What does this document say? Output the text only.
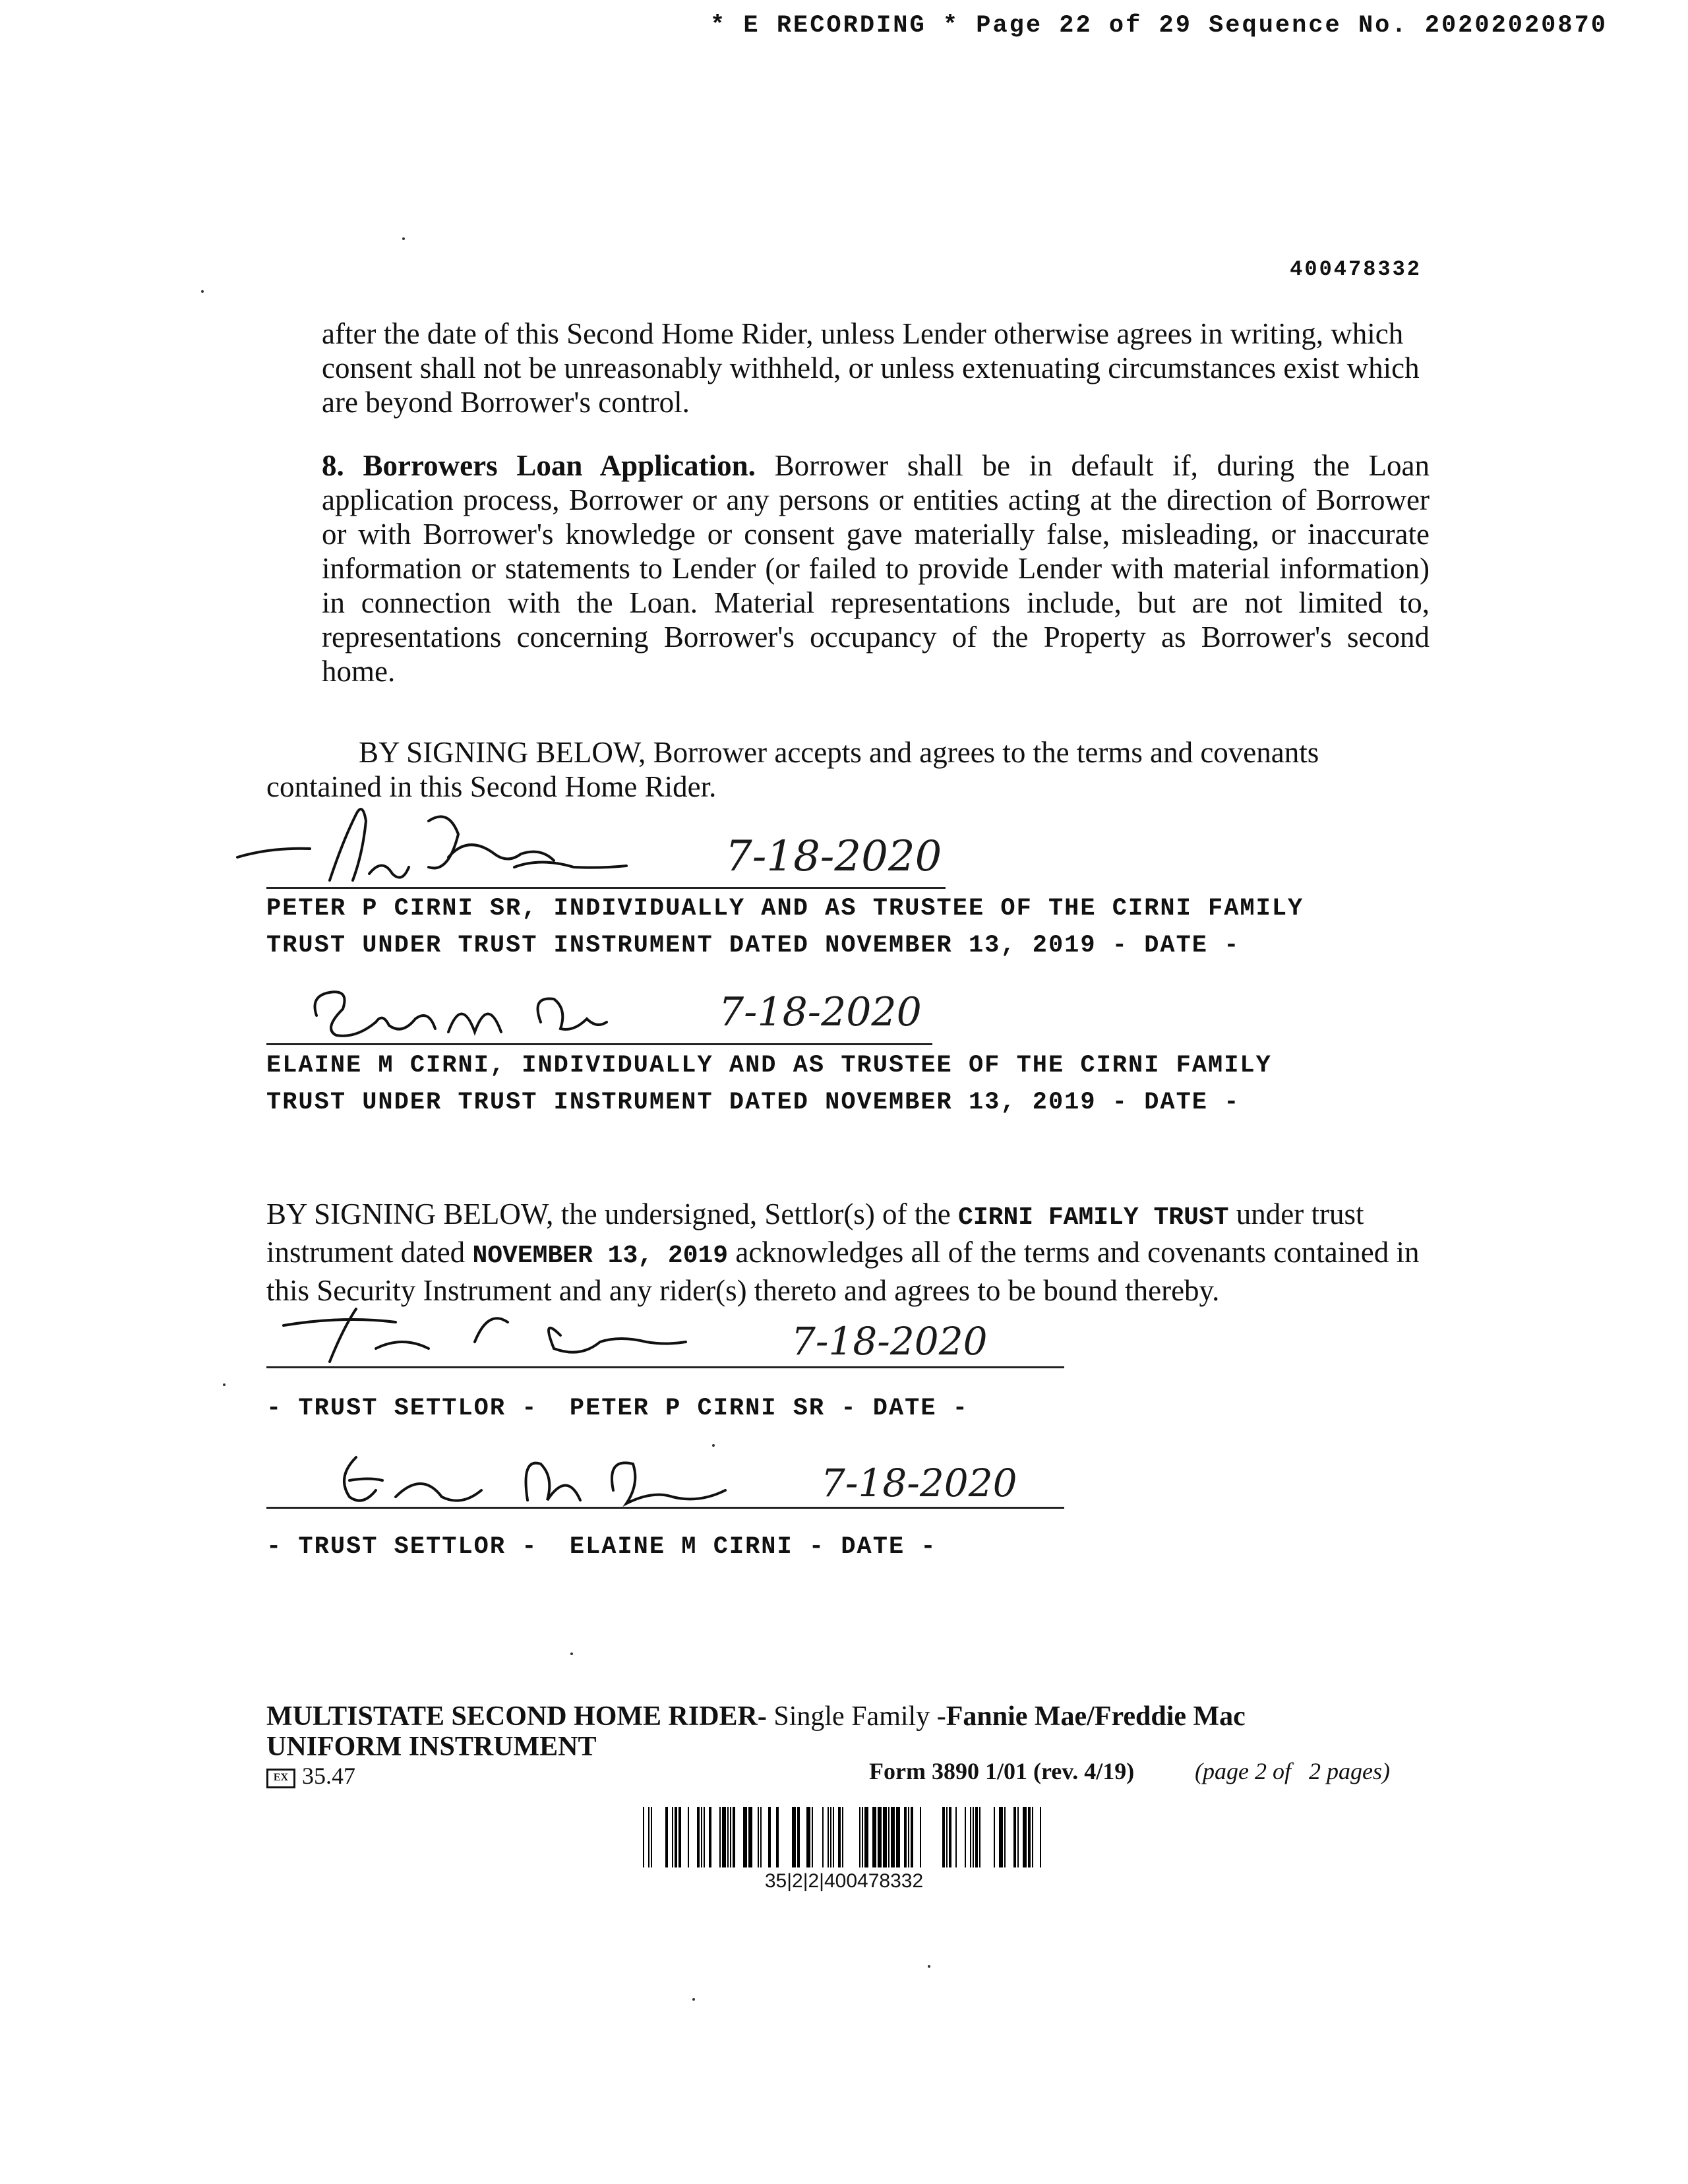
* E RECORDING * Page 22 of 29 Sequence No. 20202020870
400478332
after the date of this Second Home Rider, unless Lender otherwise agrees in writing, which consent shall not be unreasonably withheld, or unless extenuating circumstances exist which are beyond Borrower's control.
8. Borrowers Loan Application. Borrower shall be in default if, during the Loan application process, Borrower or any persons or entities acting at the direction of Borrower or with Borrower's knowledge or consent gave materially false, misleading, or inaccurate information or statements to Lender (or failed to provide Lender with material information) in connection with the Loan. Material representations include, but are not limited to, representations concerning Borrower's occupancy of the Property as Borrower's second home.
BY SIGNING BELOW, Borrower accepts and agrees to the terms and covenants contained in this Second Home Rider.
7-18-2020
PETER P CIRNI SR, INDIVIDUALLY AND AS TRUSTEE OF THE CIRNI FAMILY
TRUST UNDER TRUST INSTRUMENT DATED NOVEMBER 13, 2019 - DATE -
7-18-2020
ELAINE M CIRNI, INDIVIDUALLY AND AS TRUSTEE OF THE CIRNI FAMILY
TRUST UNDER TRUST INSTRUMENT DATED NOVEMBER 13, 2019 - DATE -
BY SIGNING BELOW, the undersigned, Settlor(s) of the CIRNI FAMILY TRUST under trust instrument dated NOVEMBER 13, 2019 acknowledges all of the terms and covenants contained in this Security Instrument and any rider(s) thereto and agrees to be bound thereby.
7-18-2020
- TRUST SETTLOR -  PETER P CIRNI SR - DATE -
7-18-2020
- TRUST SETTLOR -  ELAINE M CIRNI - DATE -
MULTISTATE SECOND HOME RIDER- Single Family -Fannie Mae/Freddie Mac UNIFORM INSTRUMENT
EX 35.47	Form 3890 1/01 (rev. 4/19)	(page 2 of   2 pages)
35|2|2|400478332
